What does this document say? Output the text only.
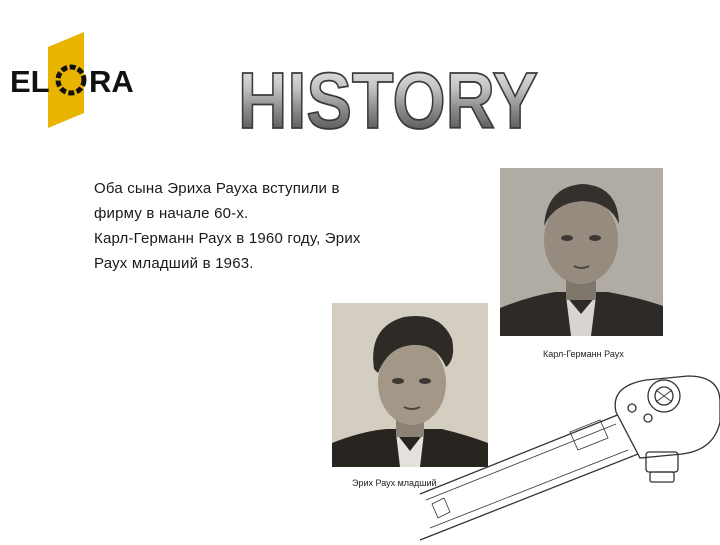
EL RA HISTORY

Оба сына Эриха Рауха вступили в

фирму в начале 60-х.

Карл-Германн Раух в 1960 году, Эрих

Раух младший в 1963.

Карл-Германн Раух
Эрих Раух младший
